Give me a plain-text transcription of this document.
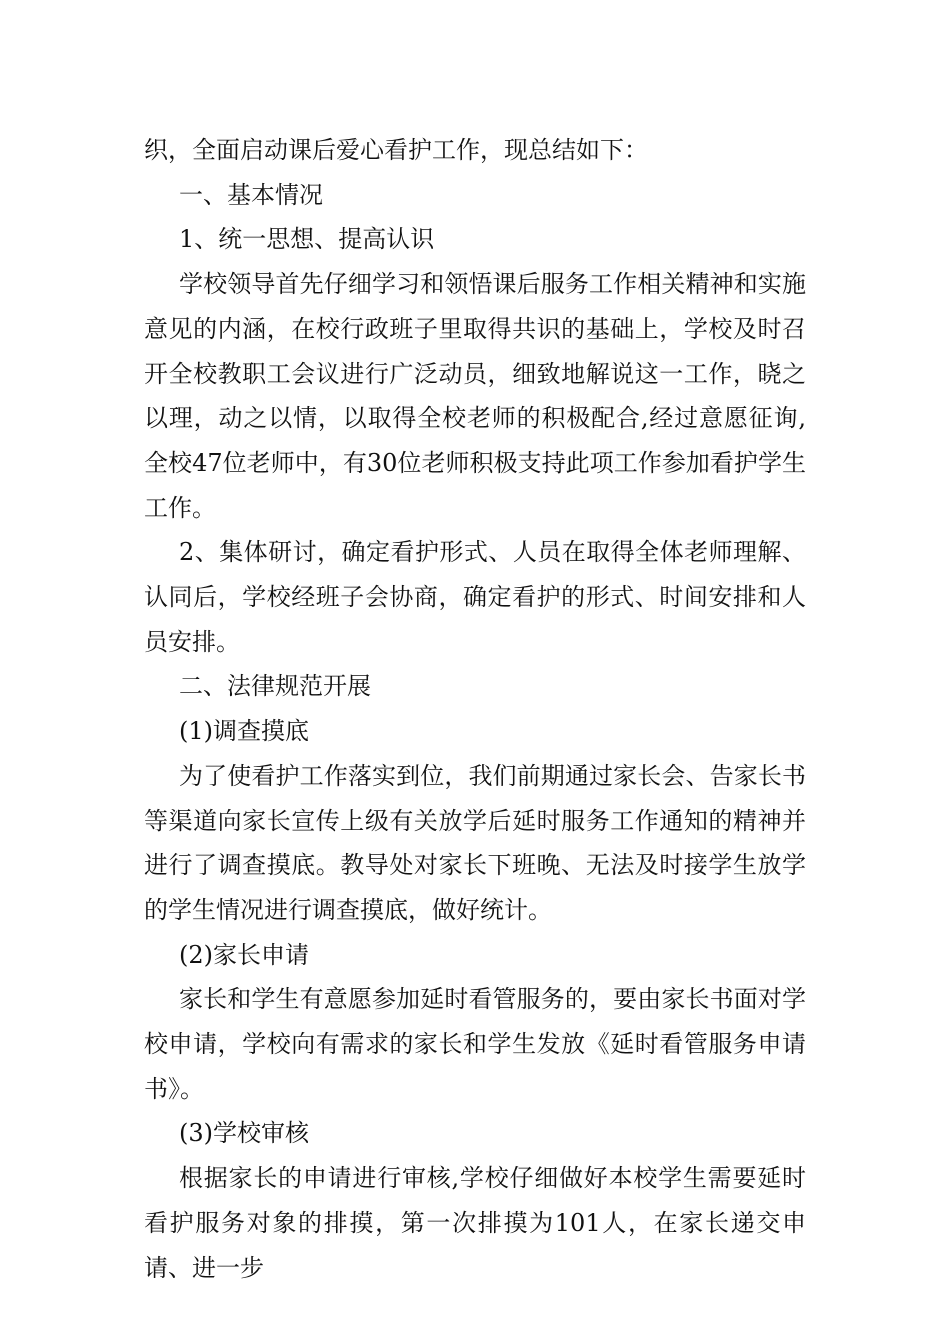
织，全面启动课后爱心看护工作，现总结如下：

一、基本情况

1、统一思想、提高认识

学校领导首先仔细学习和领悟课后服务工作相关精神和实施意见的内涵，在校行政班子里取得共识的基础上，学校及时召开全校教职工会议进行广泛动员，细致地解说这一工作，晓之以理，动之以情，以取得全校老师的积极配合,经过意愿征询,全校47位老师中，有30位老师积极支持此项工作参加看护学生工作。

2、集体研讨，确定看护形式、人员在取得全体老师理解、认同后，学校经班子会协商，确定看护的形式、时间安排和人员安排。

二、法律规范开展

(1)调查摸底

为了使看护工作落实到位，我们前期通过家长会、告家长书等渠道向家长宣传上级有关放学后延时服务工作通知的精神并进行了调查摸底。教导处对家长下班晚、无法及时接学生放学的学生情况进行调查摸底，做好统计。

(2)家长申请

家长和学生有意愿参加延时看管服务的，要由家长书面对学校申请，学校向有需求的家长和学生发放《延时看管服务申请书》。

(3)学校审核

根据家长的申请进行审核,学校仔细做好本校学生需要延时看护服务对象的排摸，第一次排摸为101人，在家长递交申请、进一步
